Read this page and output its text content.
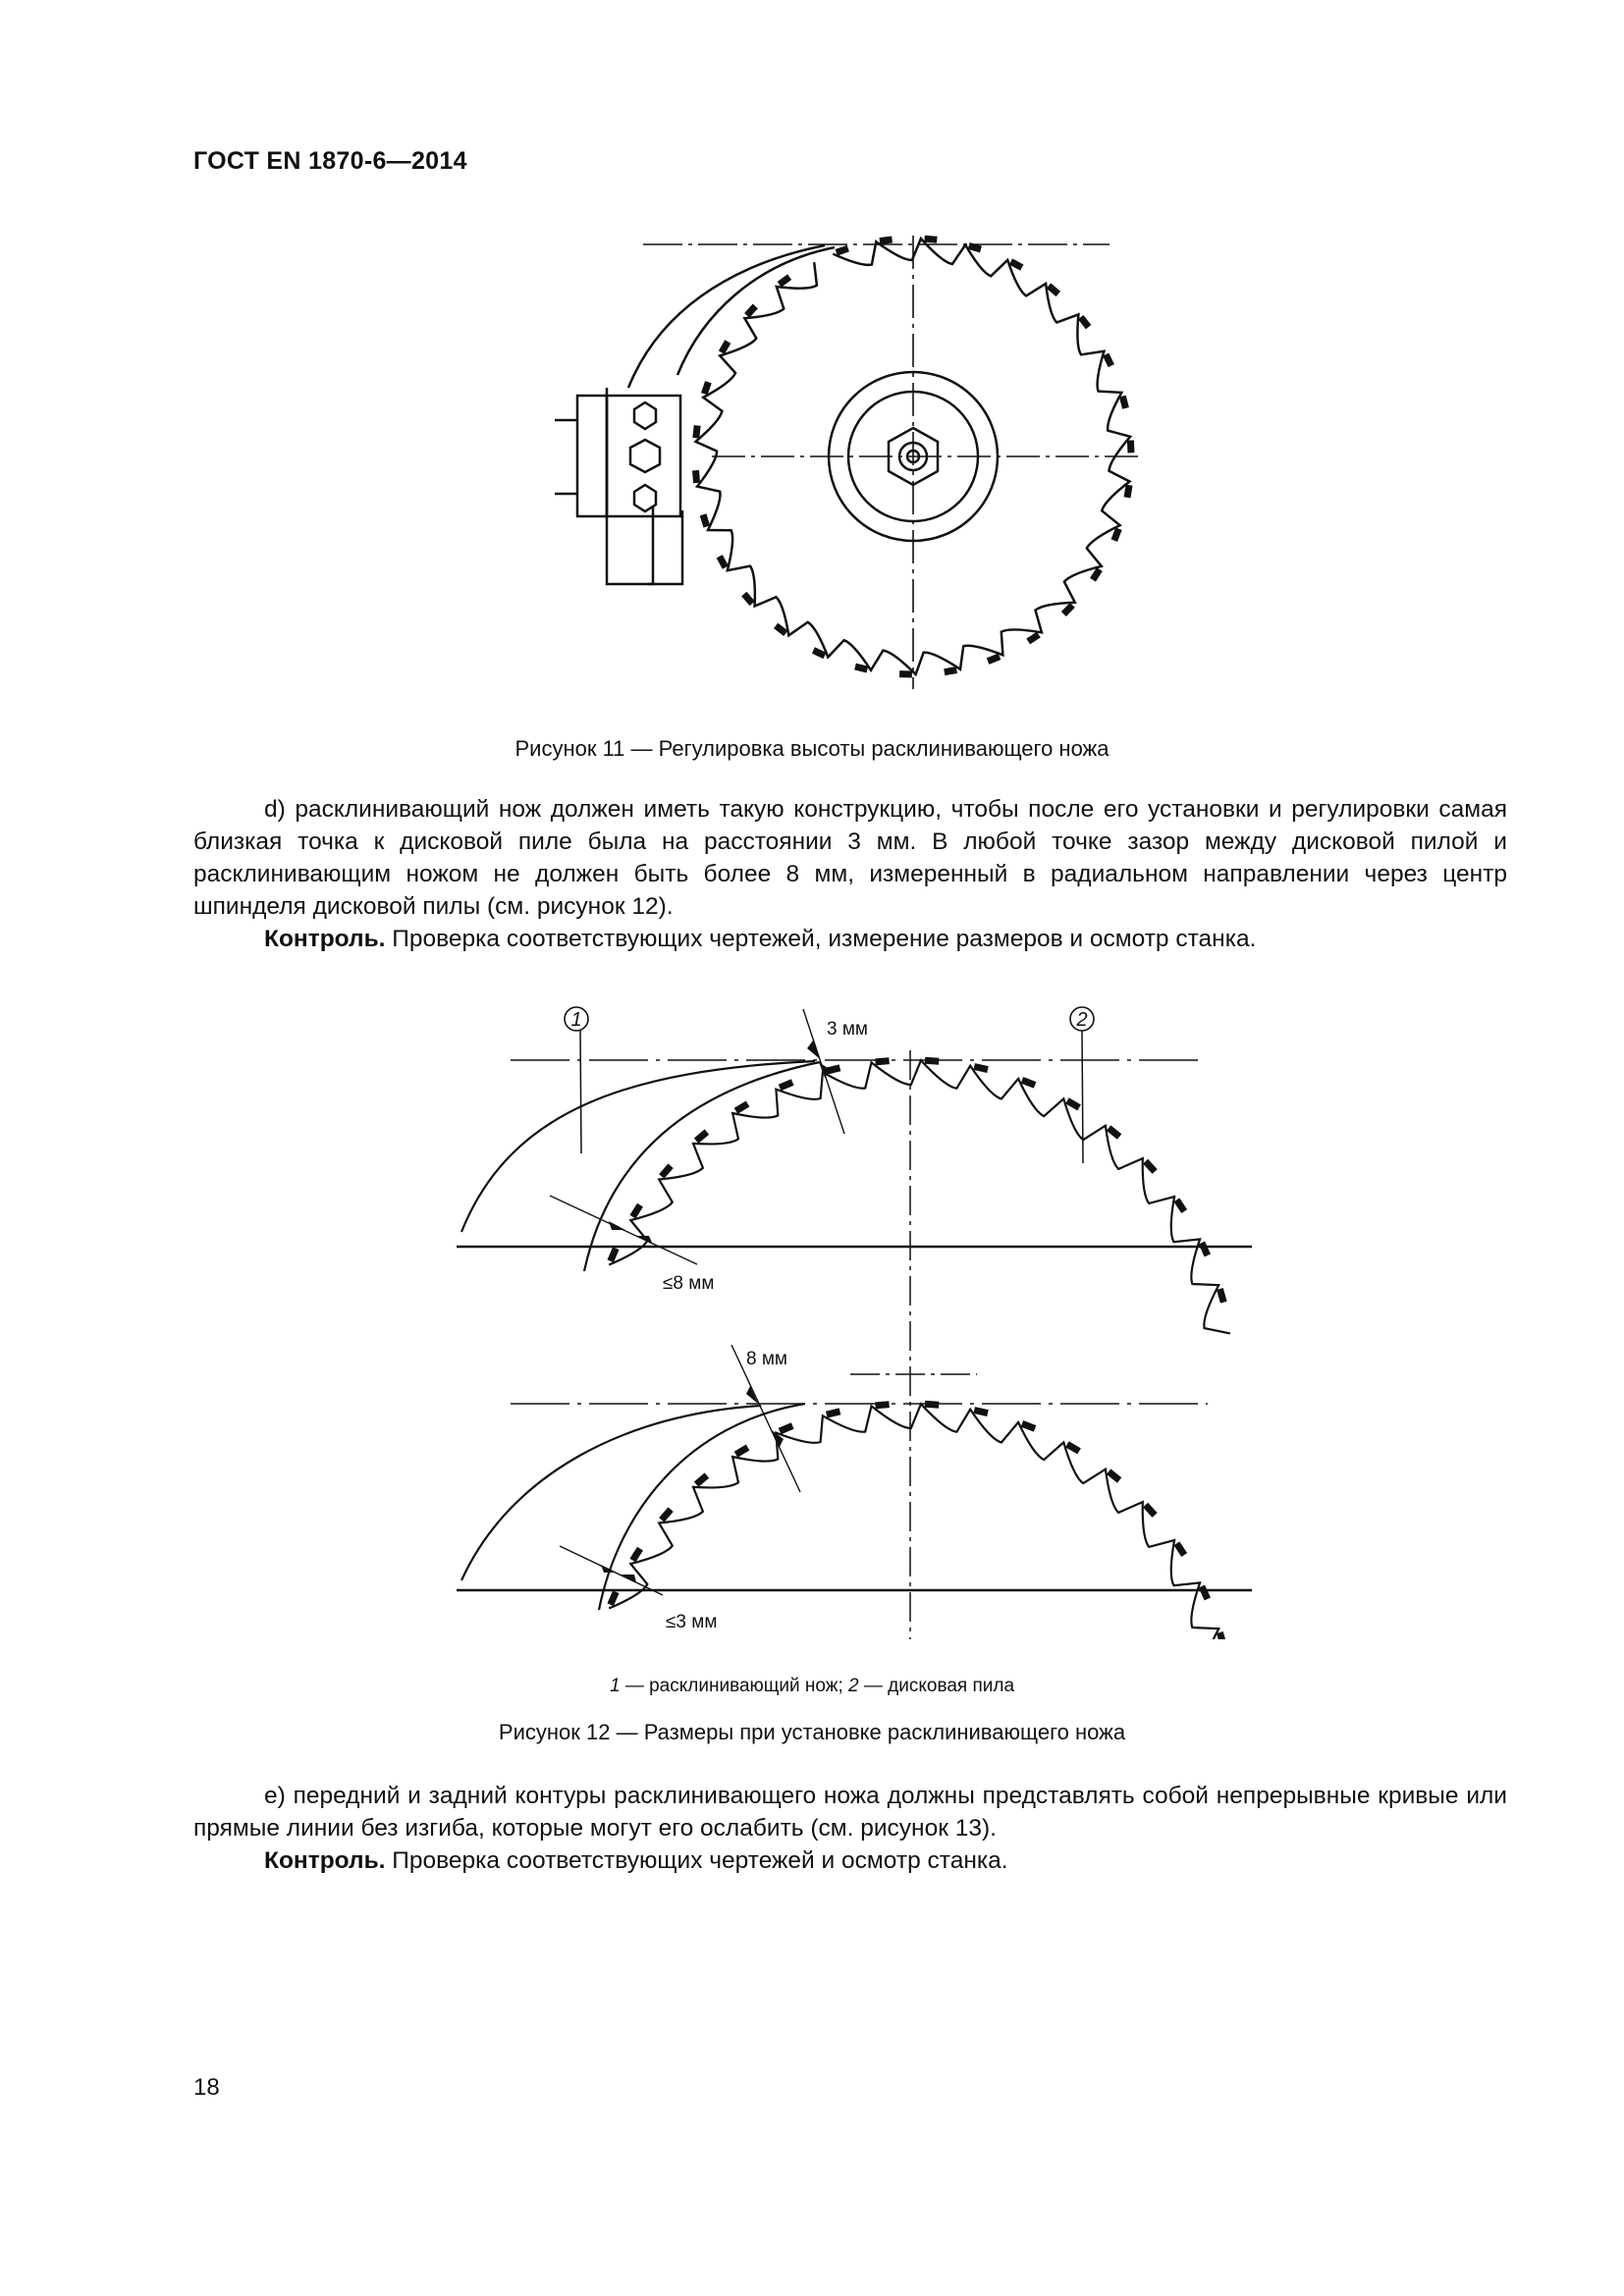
ГОСТ EN 1870-6—2014
Рисунок 11 — Регулировка высоты расклинивающего ножа

d) расклинивающий нож должен иметь такую конструкцию, чтобы после его установки и регулировки самая близкая точка к дисковой пиле была на расстоянии 3 мм. В любой точке зазор между дисковой пилой и расклинивающим ножом не должен быть более 8 мм, измеренный в радиальном направлении через центр шпинделя дисковой пилы (см. рисунок 12).

Контроль. Проверка соответствующих чертежей, измерение размеров и осмотр станка.

1	2
3 мм
≤8 мм
8 мм
≤3 мм
1 — расклинивающий нож; 2 — дисковая пила
Рисунок 12 — Размеры при установке расклинивающего ножа

е) передний и задний контуры расклинивающего ножа должны представлять собой непрерывные кривые или прямые линии без изгиба, которые могут его ослабить (см. рисунок 13).

Контроль. Проверка соответствующих чертежей и осмотр станка.

18
